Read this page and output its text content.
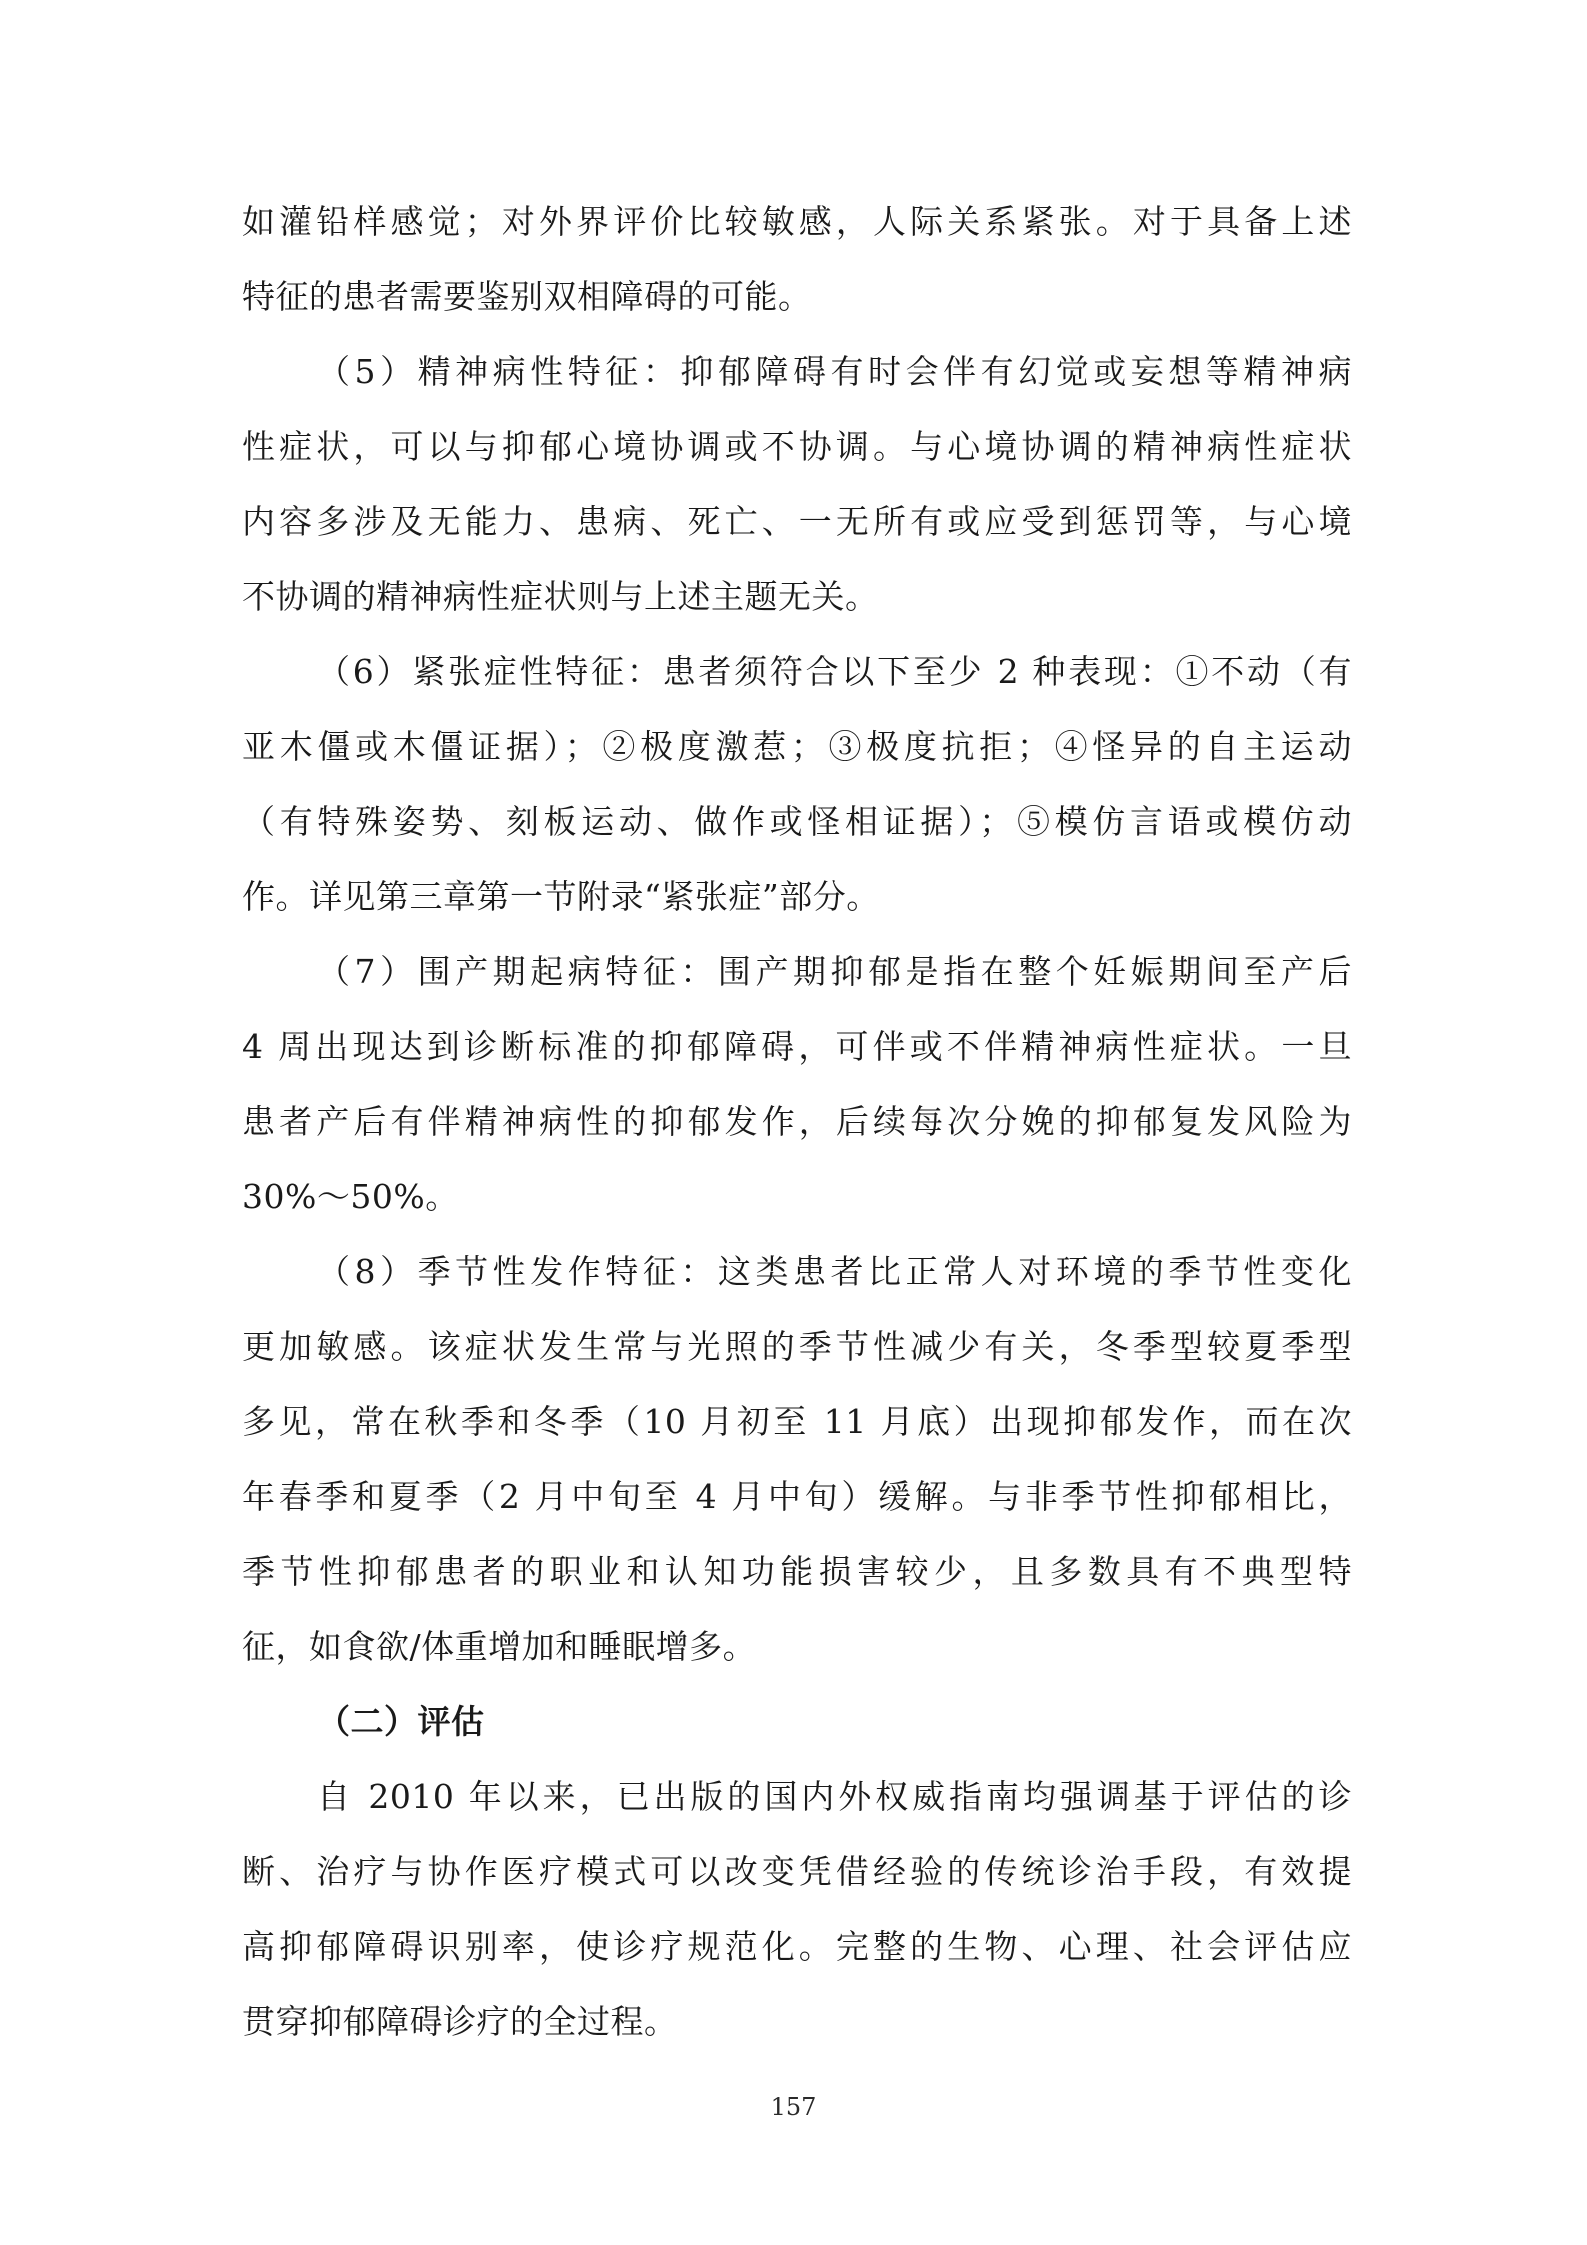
如灌铅样感觉；对外界评价比较敏感，人际关系紧张。对于具备上述
特征的患者需要鉴别双相障碍的可能。
（5）精神病性特征：抑郁障碍有时会伴有幻觉或妄想等精神病
性症状，可以与抑郁心境协调或不协调。与心境协调的精神病性症状
内容多涉及无能力、患病、死亡、一无所有或应受到惩罚等，与心境
不协调的精神病性症状则与上述主题无关。
（6）紧张症性特征：患者须符合以下至少 2 种表现：①不动（有
亚木僵或木僵证据）；②极度激惹；③极度抗拒；④怪异的自主运动
（有特殊姿势、刻板运动、做作或怪相证据）；⑤模仿言语或模仿动
作。详见第三章第一节附录“紧张症”部分。
（7）围产期起病特征：围产期抑郁是指在整个妊娠期间至产后
4 周出现达到诊断标准的抑郁障碍，可伴或不伴精神病性症状。一旦
患者产后有伴精神病性的抑郁发作，后续每次分娩的抑郁复发风险为
30%～50%。
（8）季节性发作特征：这类患者比正常人对环境的季节性变化
更加敏感。该症状发生常与光照的季节性减少有关，冬季型较夏季型
多见，常在秋季和冬季（10 月初至 11 月底）出现抑郁发作，而在次
年春季和夏季（2 月中旬至 4 月中旬）缓解。与非季节性抑郁相比，
季节性抑郁患者的职业和认知功能损害较少，且多数具有不典型特
征，如食欲/体重增加和睡眠增多。
（二）评估
自 2010 年以来，已出版的国内外权威指南均强调基于评估的诊
断、治疗与协作医疗模式可以改变凭借经验的传统诊治手段，有效提
高抑郁障碍识别率，使诊疗规范化。完整的生物、心理、社会评估应
贯穿抑郁障碍诊疗的全过程。
157
